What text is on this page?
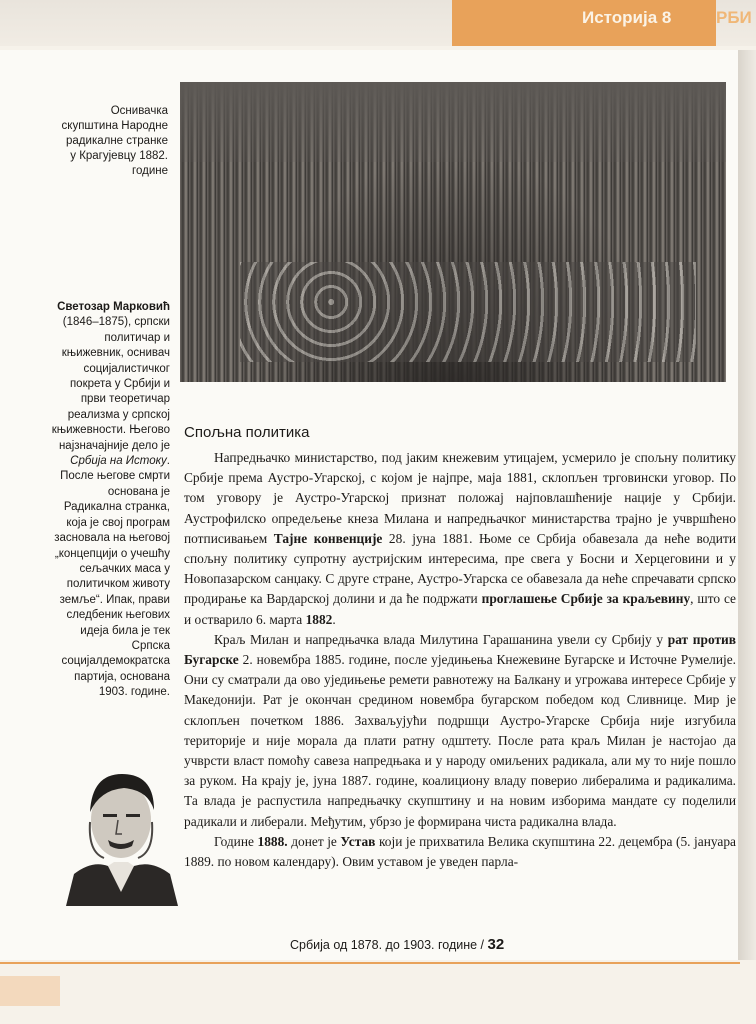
Историја 8	РБИ
Оснивачка скупштина Народне радикалне странке у Крагујевцу 1882. године
Светозар Марковић
(1846–1875), српски политичар и књижевник, оснивач социјалистичког покрета у Србији и први теоретичар реализма у српској књижевности. Његово најзначајније дело је Србија на Истоку. После његове смрти основана је Радикална странка, која је свој програм засновала на његовој „концепцији о учешћу сељачких маса у политичком животу земље“. Ипак, прави следбеник његових идеја била је тек Српска социјалдемократска партија, основана 1903. године.
Спољна политика

Напредњачко министарство, под јаким кнежевим утицајем, усмерило је спољну политику Србије према Аустро-Угарској, с којом је најпре, маја 1881, склопљен трговински уговор. По том уговору је Аустро-Угарској признат положај најповлашћеније нације у Србији. Аустрофилско опредељење кнеза Милана и напредњачког министарства трајно је учвршћено потписивањем Тајне конвенције 28. јуна 1881. Њоме се Србија обавезала да неће водити спољну политику супротну аустријским интересима, пре свега у Босни и Херцеговини и у Новопазарском санџаку. С друге стране, Аустро-Угарска се обавезала да неће спречавати српско продирање ка Вардарској долини и да ће подржати проглашење Србије за краљевину, што се и остварило 6. марта 1882.

Краљ Милан и напредњачка влада Милутина Гарашанина увели су Србију у рат против Бугарске 2. новембра 1885. године, после уједињења Кнежевине Бугарске и Источне Румелије. Они су сматрали да ово уједињење ремети равнотежу на Балкану и угрожава интересе Србије у Македонији. Рат је окончан средином новембра бугарском победом код Сливнице. Мир је склопљен почетком 1886. Захваљујући подршци Аустро-Угарске Србија није изгубила територије и није морала да плати ратну одштету. После рата краљ Милан је настојао да учврсти власт помоћу савеза напредњака и у народу омиљених радикала, али му то није пошло за руком. На крају је, јуна 1887. године, коалициону владу поверио либералима и радикалима. Та влада је распустила напредњачку скупштину и на новим изборима мандате су поделили радикали и либерали. Међутим, убрзо је формирана чиста радикална влада.

Године 1888. донет је Устав који је прихватила Велика скупштина 22. децембра (5. јануара 1889. по новом календару). Овим уставом је уведен парла-

Србија од 1878. до 1903. године / 32
